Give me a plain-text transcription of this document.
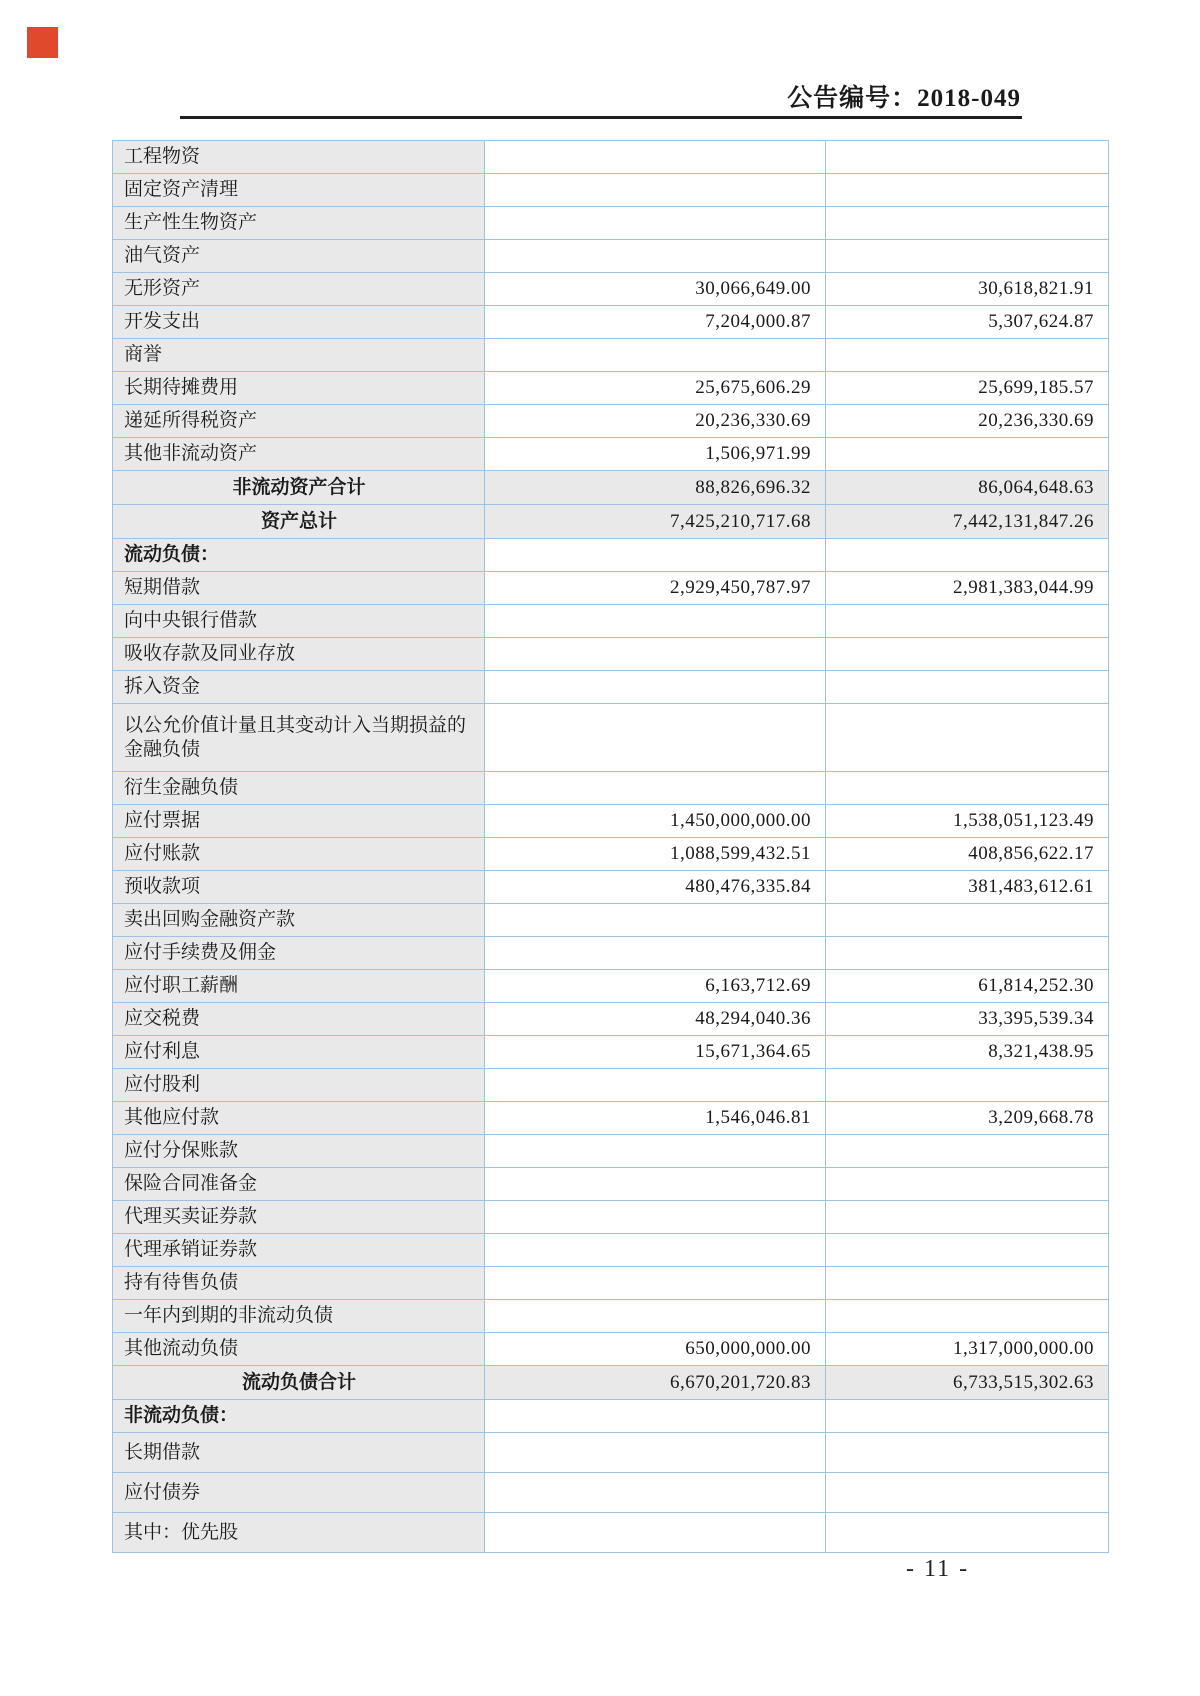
公告编号：2018-049
工程物资		
固定资产清理		
生产性生物资产		
油气资产		
无形资产	30,066,649.00	30,618,821.91
开发支出	7,204,000.87	5,307,624.87
商誉		
长期待摊费用	25,675,606.29	25,699,185.57
递延所得税资产	20,236,330.69	20,236,330.69
其他非流动资产	1,506,971.99	
非流动资产合计	88,826,696.32	86,064,648.63
资产总计	7,425,210,717.68	7,442,131,847.26
流动负债：		
短期借款	2,929,450,787.97	2,981,383,044.99
向中央银行借款		
吸收存款及同业存放		
拆入资金		
以公允价值计量且其变动计入当期损益的金融负债		
衍生金融负债		
应付票据	1,450,000,000.00	1,538,051,123.49
应付账款	1,088,599,432.51	408,856,622.17
预收款项	480,476,335.84	381,483,612.61
卖出回购金融资产款		
应付手续费及佣金		
应付职工薪酬	6,163,712.69	61,814,252.30
应交税费	48,294,040.36	33,395,539.34
应付利息	15,671,364.65	8,321,438.95
应付股利		
其他应付款	1,546,046.81	3,209,668.78
应付分保账款		
保险合同准备金		
代理买卖证券款		
代理承销证券款		
持有待售负债		
一年内到期的非流动负债		
其他流动负债	650,000,000.00	1,317,000,000.00
流动负债合计	6,670,201,720.83	6,733,515,302.63
非流动负债：		
长期借款		
应付债券		
其中：优先股		
- 11 -
